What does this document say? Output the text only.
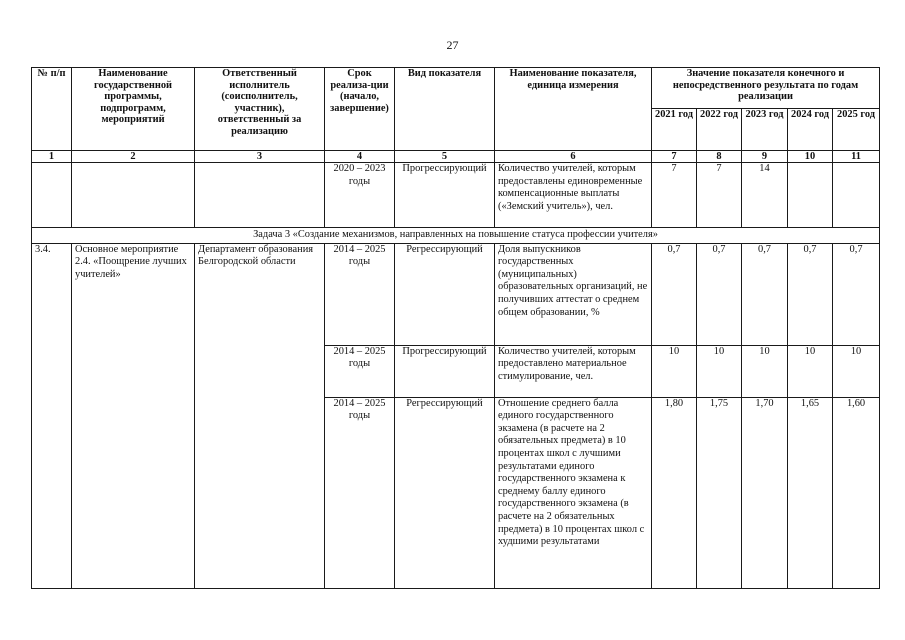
27
№ п/п	Наименование государственной программы, подпрограмм, мероприятий	Ответственный исполнитель (соисполнитель, участник), ответственный за реализацию	Срок реализа-ции (начало, завершение)	Вид показателя	Наименование показателя, единица измерения	Значение показателя конечного и непосредственного результата по годам реализации				
						2021 год	2022 год	2023 год	2024 год	2025 год
1	2	3	4	5	6	7	8	9	10	11
			2020 – 2023 годы	Прогрессирующий	Количество учителей, которым предоставлены единовременные компенсационные выплаты («Земский учитель»), чел.	7	7	14		
Задача 3 «Создание механизмов, направленных на повышение статуса профессии учителя»										
3.4.	Основное мероприятие 2.4. «Поощрение лучших учителей»	Департамент образования Белгородской области	2014 – 2025 годы	Регрессирующий	Доля выпускников государственных (муниципальных) образовательных организаций, не получивших аттестат о среднем общем образовании, %	0,7	0,7	0,7	0,7	0,7
			2014 – 2025 годы	Прогрессирующий	Количество учителей, которым предоставлено материальное стимулирование, чел.	10	10	10	10	10
			2014 – 2025 годы	Регрессирующий	Отношение среднего балла единого государственного экзамена (в расчете на 2 обязательных предмета) в 10 процентах школ с лучшими результатами единого государственного экзамена к среднему баллу единого государственного экзамена (в расчете на 2 обязательных предмета) в 10 процентах школ с худшими результатами	1,80	1,75	1,70	1,65	1,60
